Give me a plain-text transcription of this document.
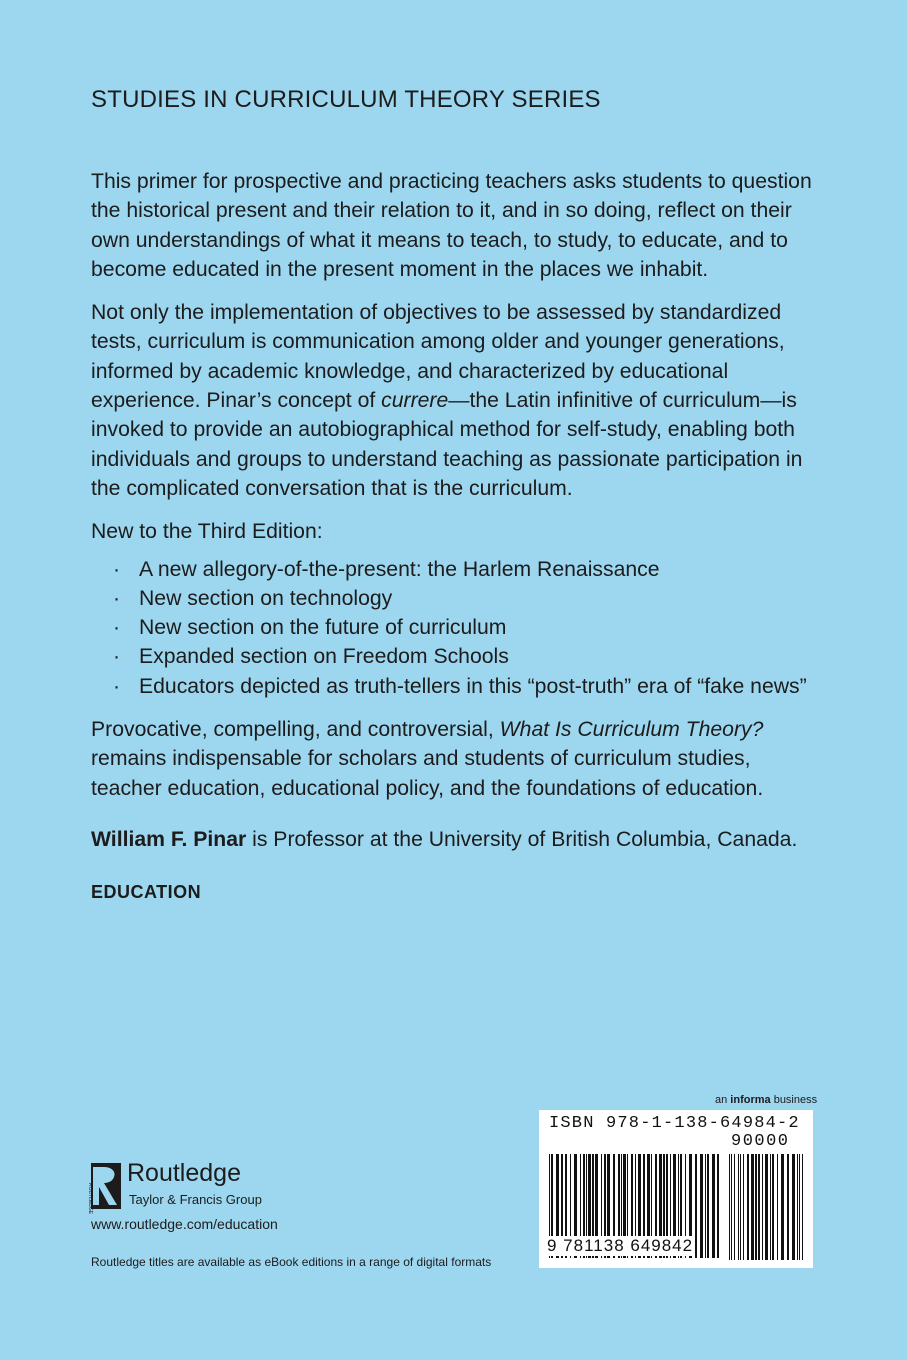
STUDIES IN CURRICULUM THEORY SERIES

This primer for prospective and practicing teachers asks students to question the historical present and their relation to it, and in so doing, reflect on their own understandings of what it means to teach, to study, to educate, and to become educated in the present moment in the places we inhabit.

Not only the implementation of objectives to be assessed by standardized tests, curriculum is communication among older and younger generations, informed by academic knowledge, and characterized by educational experience. Pinar’s concept of currere—the Latin infinitive of curriculum—is invoked to provide an autobiographical method for self-study, enabling both individuals and groups to understand teaching as passionate participation in the complicated conversation that is the curriculum.

New to the Third Edition:

· A new allegory-of-the-present: the Harlem Renaissance
· New section on technology
· New section on the future of curriculum
· Expanded section on Freedom Schools
· Educators depicted as truth-tellers in this “post-truth” era of “fake news”

Provocative, compelling, and controversial, What Is Curriculum Theory? remains indispensable for scholars and students of curriculum studies, teacher education, educational policy, and the foundations of education.

William F. Pinar is Professor at the University of British Columbia, Canada.

EDUCATION
an informa business
ISBN 978-1-138-64984-2
90000
9 781138 649842
ROUTLEDGE
Routledge
Taylor & Francis Group
www.routledge.com/education
Routledge titles are available as eBook editions in a range of digital formats
